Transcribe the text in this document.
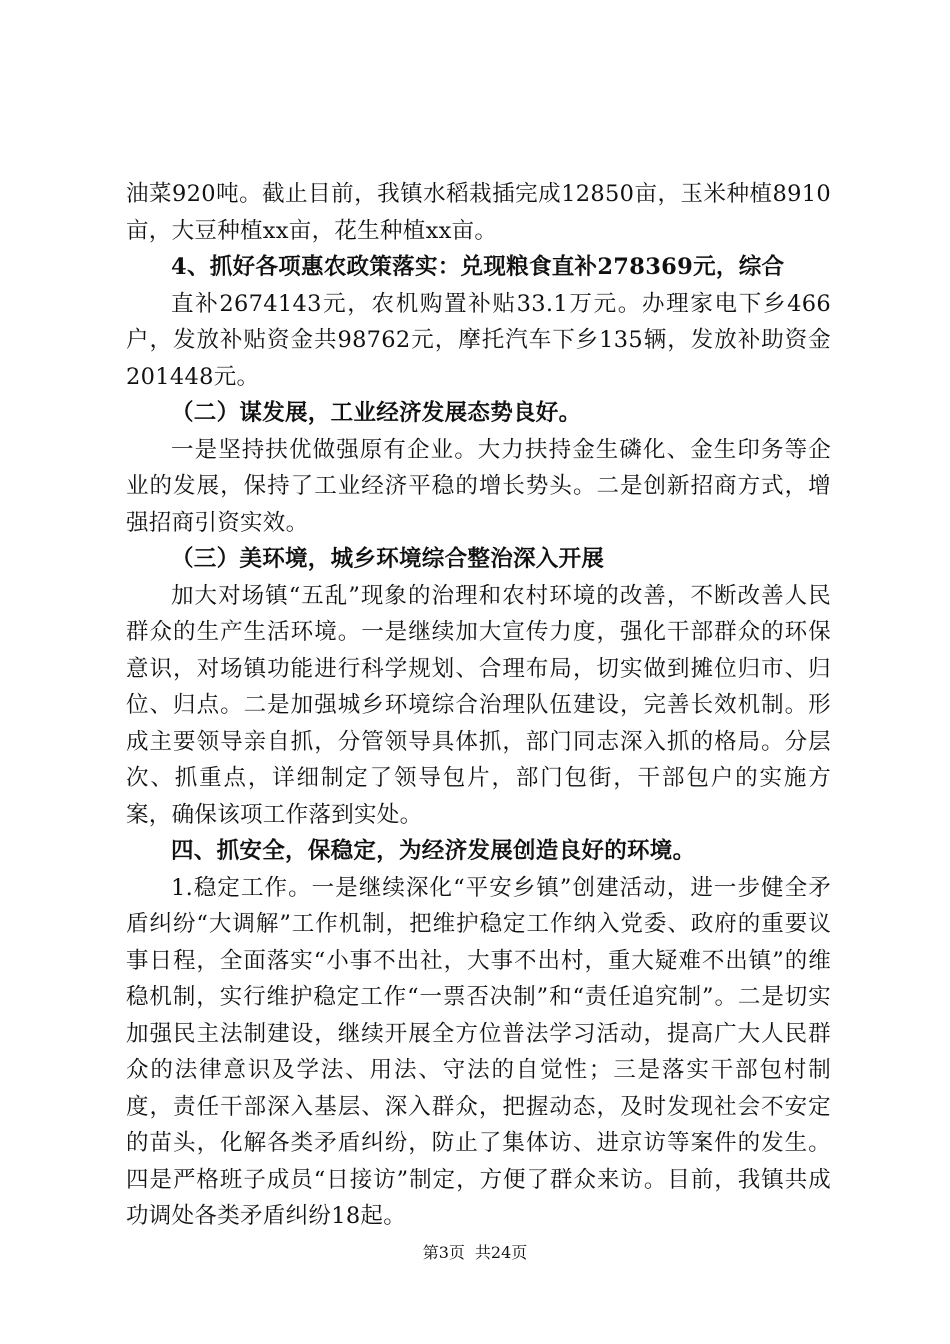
油菜920吨。截止目前，我镇水稻栽插完成12850亩，玉米种植8910亩，大豆种植xx亩，花生种植xx亩。

4、抓好各项惠农政策落实：兑现粮食直补278369元，综合

直补2674143元，农机购置补贴33.1万元。办理家电下乡466户，发放补贴资金共98762元，摩托汽车下乡135辆，发放补助资金201448元。

（二）谋发展，工业经济发展态势良好。

一是坚持扶优做强原有企业。大力扶持金生磷化、金生印务等企业的发展，保持了工业经济平稳的增长势头。二是创新招商方式，增强招商引资实效。

（三）美环境，城乡环境综合整治深入开展

加大对场镇“五乱”现象的治理和农村环境的改善，不断改善人民群众的生产生活环境。一是继续加大宣传力度，强化干部群众的环保意识，对场镇功能进行科学规划、合理布局，切实做到摊位归市、归位、归点。二是加强城乡环境综合治理队伍建设，完善长效机制。形成主要领导亲自抓，分管领导具体抓，部门同志深入抓的格局。分层次、抓重点，详细制定了领导包片，部门包街，干部包户的实施方案，确保该项工作落到实处。

四、抓安全，保稳定，为经济发展创造良好的环境。

1.稳定工作。一是继续深化“平安乡镇”创建活动，进一步健全矛盾纠纷“大调解”工作机制，把维护稳定工作纳入党委、政府的重要议事日程，全面落实“小事不出社，大事不出村，重大疑难不出镇”的维稳机制，实行维护稳定工作“一票否决制”和“责任追究制”。二是切实加强民主法制建设，继续开展全方位普法学习活动，提高广大人民群众的法律意识及学法、用法、守法的自觉性；三是落实干部包村制度，责任干部深入基层、深入群众，把握动态，及时发现社会不安定的苗头，化解各类矛盾纠纷，防止了集体访、进京访等案件的发生。四是严格班子成员“日接访”制定，方便了群众来访。目前，我镇共成功调处各类矛盾纠纷18起。

第3页 共24页
